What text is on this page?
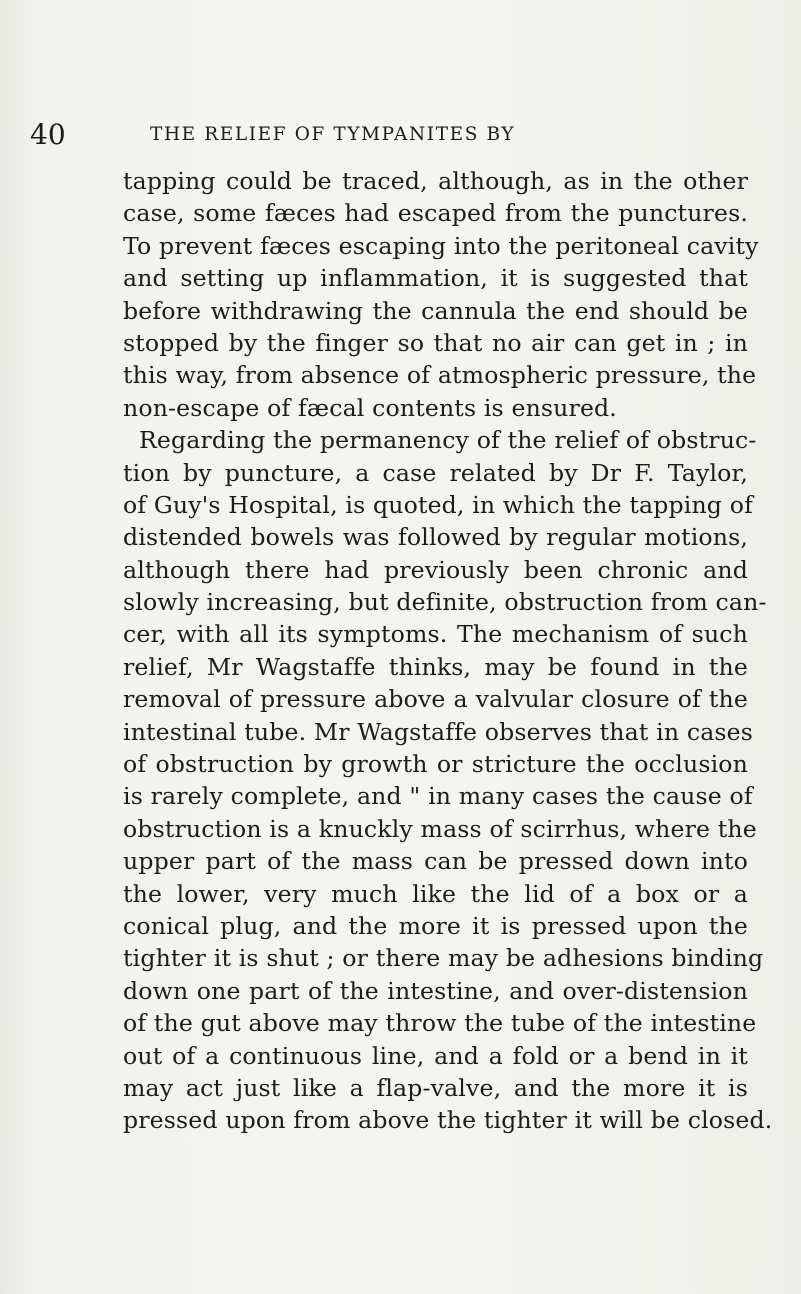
40	THE RELIEF OF TYMPANITES BY
tapping could be traced, although, as in the other
case, some fæces had escaped from the punctures.
To prevent fæces escaping into the peritoneal cavity
and setting up inflammation, it is suggested that
before withdrawing the cannula the end should be
stopped by the finger so that no air can get in ; in
this way, from absence of atmospheric pressure, the
non-escape of fæcal contents is ensured.
Regarding the permanency of the relief of obstruc-
tion by puncture, a case related by Dr F. Taylor,
of Guy's Hospital, is quoted, in which the tapping of
distended bowels was followed by regular motions,
although there had previously been chronic and
slowly increasing, but definite, obstruction from can-
cer, with all its symptoms. The mechanism of such
relief, Mr Wagstaffe thinks, may be found in the
removal of pressure above a valvular closure of the
intestinal tube. Mr Wagstaffe observes that in cases
of obstruction by growth or stricture the occlusion
is rarely complete, and " in many cases the cause of
obstruction is a knuckly mass of scirrhus, where the
upper part of the mass can be pressed down into
the lower, very much like the lid of a box or a
conical plug, and the more it is pressed upon the
tighter it is shut ; or there may be adhesions binding
down one part of the intestine, and over-distension
of the gut above may throw the tube of the intestine
out of a continuous line, and a fold or a bend in it
may act just like a flap-valve, and the more it is
pressed upon from above the tighter it will be closed.
